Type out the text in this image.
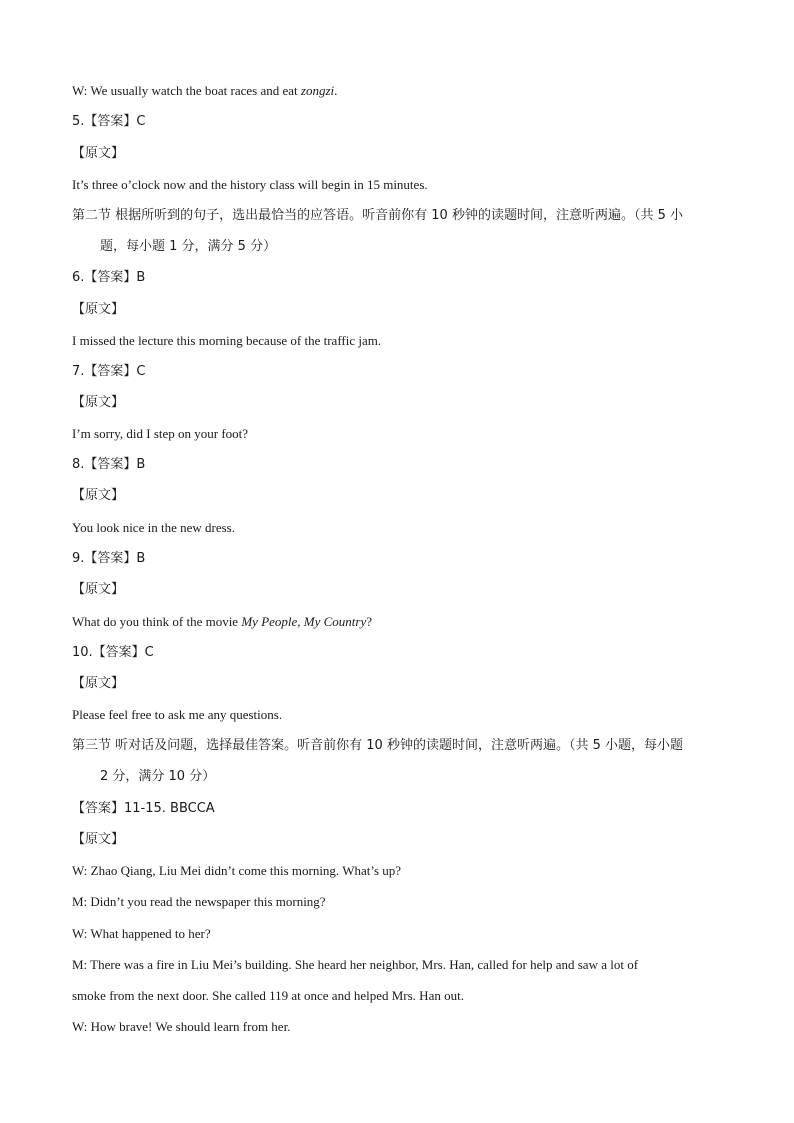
W: We usually watch the boat races and eat zongzi.
5.【答案】C
【原文】
It’s three o’clock now and the history class will begin in 15 minutes.
第二节 根据所听到的句子，选出最恰当的应答语。听音前你有 10 秒钟的读题时间，注意听两遍。（共 5 小
题，每小题 1 分，满分 5 分）
6.【答案】B
【原文】
I missed the lecture this morning because of the traffic jam.
7.【答案】C
【原文】
I’m sorry, did I step on your foot?
8.【答案】B
【原文】
You look nice in the new dress.
9.【答案】B
【原文】
What do you think of the movie My People, My Country?
10.【答案】C
【原文】
Please feel free to ask me any questions.
第三节 听对话及问题，选择最佳答案。听音前你有 10 秒钟的读题时间，注意听两遍。（共 5 小题，每小题
2 分，满分 10 分）
【答案】11-15. BBCCA
【原文】
W: Zhao Qiang, Liu Mei didn’t come this morning. What’s up?
M: Didn’t you read the newspaper this morning?
W: What happened to her?
M: There was a fire in Liu Mei’s building. She heard her neighbor, Mrs. Han, called for help and saw a lot of
smoke from the next door. She called 119 at once and helped Mrs. Han out.
W: How brave! We should learn from her.
